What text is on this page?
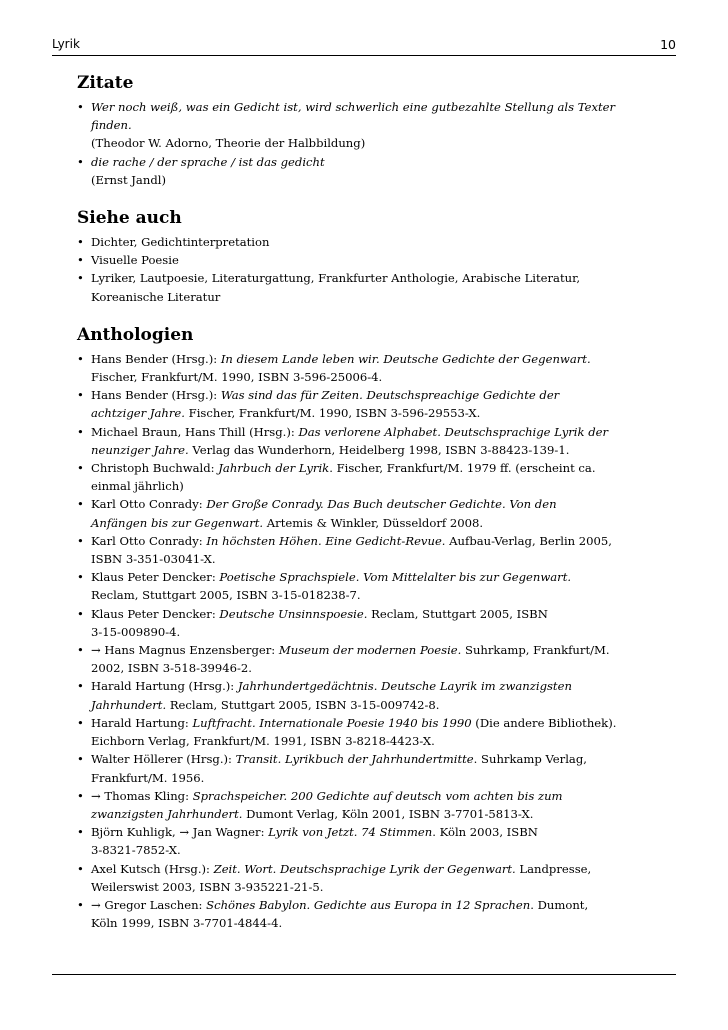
Lyrik	10
Zitate
• Wer noch weiß, was ein Gedicht ist, wird schwerlich eine gutbezahlte Stellung als Texter
finden.
(Theodor W. Adorno, Theorie der Halbbildung)
• die rache / der sprache / ist das gedicht
(Ernst Jandl)
Siehe auch
• Dichter, Gedichtinterpretation
• Visuelle Poesie
• Lyriker, Lautpoesie, Literaturgattung, Frankfurter Anthologie, Arabische Literatur,
Koreanische Literatur
Anthologien
• Hans Bender (Hrsg.): In diesem Lande leben wir. Deutsche Gedichte der Gegenwart.
Fischer, Frankfurt/M. 1990, ISBN 3-596-25006-4.
• Hans Bender (Hrsg.): Was sind das für Zeiten. Deutschspreachige Gedichte der
achtziger Jahre. Fischer, Frankfurt/M. 1990, ISBN 3-596-29553-X.
• Michael Braun, Hans Thill (Hrsg.): Das verlorene Alphabet. Deutschsprachige Lyrik der
neunziger Jahre. Verlag das Wunderhorn, Heidelberg 1998, ISBN 3-88423-139-1.
• Christoph Buchwald: Jahrbuch der Lyrik. Fischer, Frankfurt/M. 1979 ff. (erscheint ca.
einmal jährlich)
• Karl Otto Conrady: Der Große Conrady. Das Buch deutscher Gedichte. Von den
Anfängen bis zur Gegenwart. Artemis & Winkler, Düsseldorf 2008.
• Karl Otto Conrady: In höchsten Höhen. Eine Gedicht-Revue. Aufbau-Verlag, Berlin 2005,
ISBN 3-351-03041-X.
• Klaus Peter Dencker: Poetische Sprachspiele. Vom Mittelalter bis zur Gegenwart.
Reclam, Stuttgart 2005, ISBN 3-15-018238-7.
• Klaus Peter Dencker: Deutsche Unsinnspoesie. Reclam, Stuttgart 2005, ISBN
3-15-009890-4.
• → Hans Magnus Enzensberger: Museum der modernen Poesie. Suhrkamp, Frankfurt/M.
2002, ISBN 3-518-39946-2.
• Harald Hartung (Hrsg.): Jahrhundertgedächtnis. Deutsche Layrik im zwanzigsten
Jahrhundert. Reclam, Stuttgart 2005, ISBN 3-15-009742-8.
• Harald Hartung: Luftfracht. Internationale Poesie 1940 bis 1990 (Die andere Bibliothek).
Eichborn Verlag, Frankfurt/M. 1991, ISBN 3-8218-4423-X.
• Walter Höllerer (Hrsg.): Transit. Lyrikbuch der Jahrhundertmitte. Suhrkamp Verlag,
Frankfurt/M. 1956.
• → Thomas Kling: Sprachspeicher. 200 Gedichte auf deutsch vom achten bis zum
zwanzigsten Jahrhundert. Dumont Verlag, Köln 2001, ISBN 3-7701-5813-X.
• Björn Kuhligk, → Jan Wagner: Lyrik von Jetzt. 74 Stimmen. Köln 2003, ISBN
3-8321-7852-X.
• Axel Kutsch (Hrsg.): Zeit. Wort. Deutschsprachige Lyrik der Gegenwart. Landpresse,
Weilerswist 2003, ISBN 3-935221-21-5.
• → Gregor Laschen: Schönes Babylon. Gedichte aus Europa in 12 Sprachen. Dumont,
Köln 1999, ISBN 3-7701-4844-4.
